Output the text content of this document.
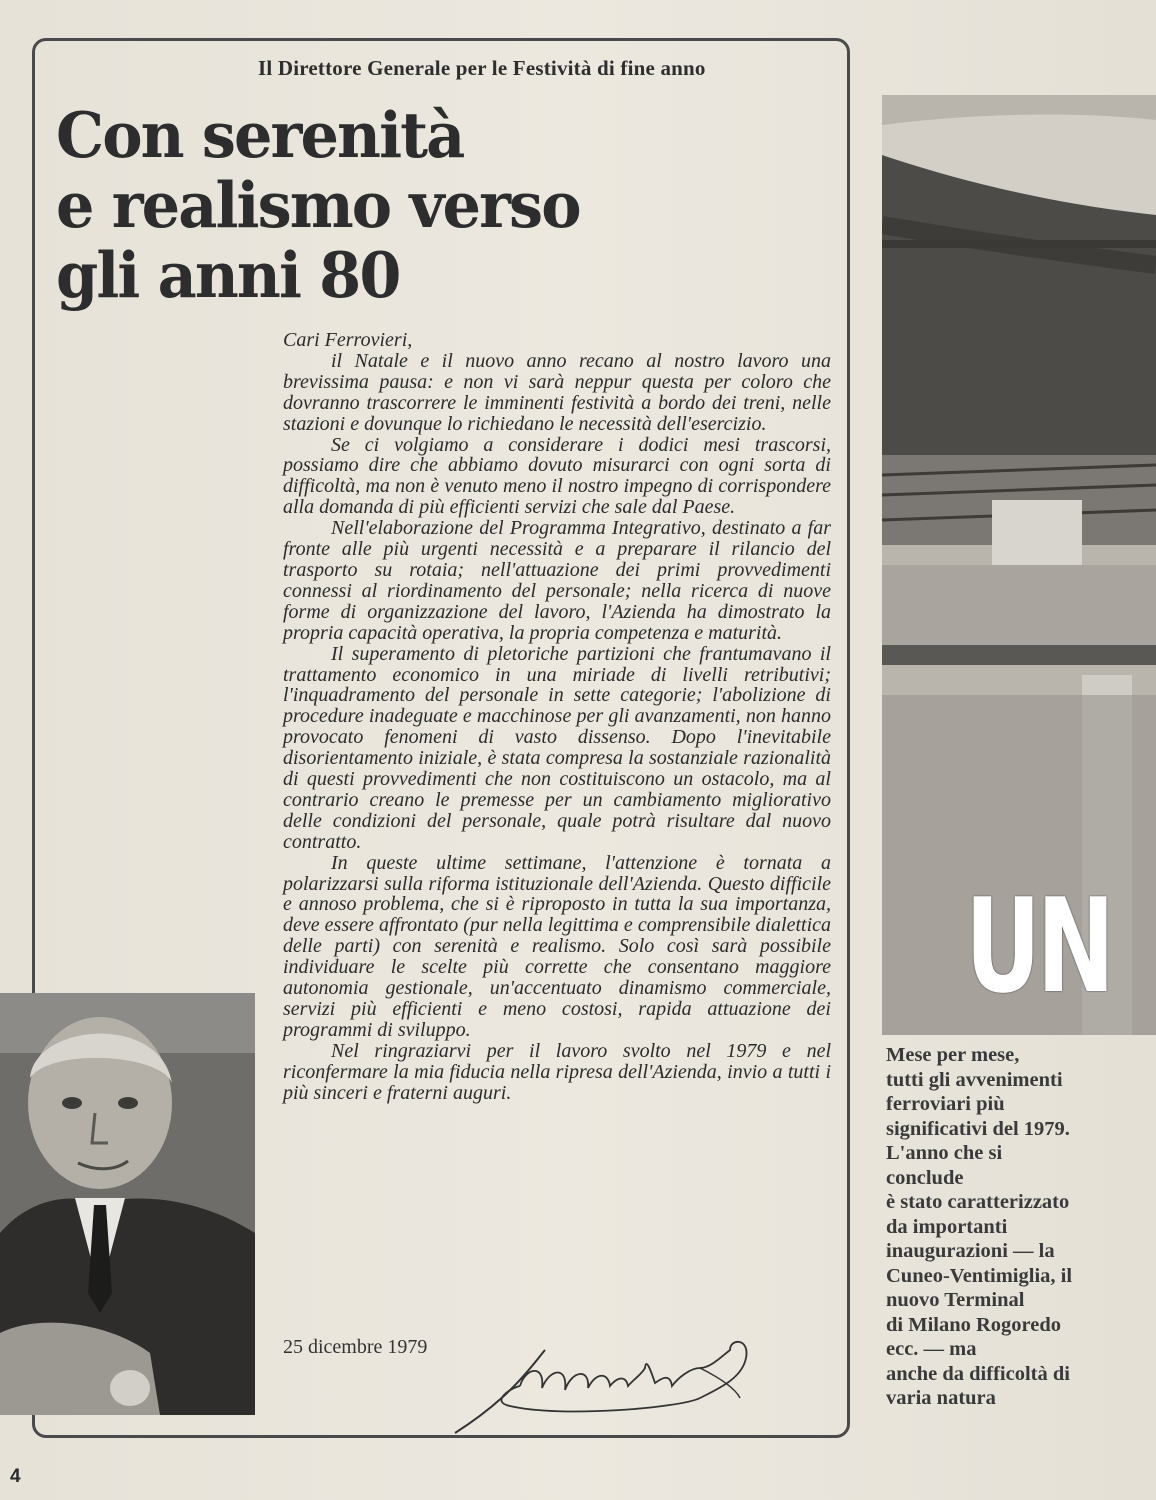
Il Direttore Generale per le Festività di fine anno
Con serenità
e realismo verso
gli anni 80

Cari Ferrovieri,

il Natale e il nuovo anno recano al nostro lavoro una brevissima pausa: e non vi sarà neppur questa per coloro che dovranno trascorrere le imminenti festività a bordo dei treni, nelle stazioni e dovunque lo richiedano le necessità dell'esercizio.

Se ci volgiamo a considerare i dodici mesi trascorsi, possiamo dire che abbiamo dovuto misurarci con ogni sorta di difficoltà, ma non è venuto meno il nostro impegno di corrispondere alla domanda di più efficienti servizi che sale dal Paese.

Nell'elaborazione del Programma Integrativo, destinato a far fronte alle più urgenti necessità e a preparare il rilancio del trasporto su rotaia; nell'attuazione dei primi provvedimenti connessi al riordinamento del personale; nella ricerca di nuove forme di organizzazione del lavoro, l'Azienda ha dimostrato la propria capacità operativa, la propria competenza e maturità.

Il superamento di pletoriche partizioni che frantumavano il trattamento economico in una miriade di livelli retributivi; l'inquadramento del personale in sette categorie; l'abolizione di procedure inadeguate e macchinose per gli avanzamenti, non hanno provocato fenomeni di vasto dissenso. Dopo l'inevitabile disorientamento iniziale, è stata compresa la sostanziale razionalità di questi provvedimenti che non costituiscono un ostacolo, ma al contrario creano le premesse per un cambiamento migliorativo delle condizioni del personale, quale potrà risultare dal nuovo contratto.

In queste ultime settimane, l'attenzione è tornata a polarizzarsi sulla riforma istituzionale dell'Azienda. Questo difficile e annoso problema, che si è riproposto in tutta la sua importanza, deve essere affrontato (pur nella legittima e comprensibile dialettica delle parti) con serenità e realismo. Solo così sarà possibile individuare le scelte più corrette che consentano maggiore autonomia gestionale, un'accentuato dinamismo commerciale, servizi più efficienti e meno costosi, rapida attuazione dei programmi di sviluppo.

Nel ringraziarvi per il lavoro svolto nel 1979 e nel riconfermare la mia fiducia nella ripresa dell'Azienda, invio a tutti i più sinceri e fraterni auguri.

25 dicembre 1979
UN
Mese per mese,
tutti gli avvenimenti
ferroviari più
significativi del 1979.
L'anno che si
conclude
è stato caratterizzato
da importanti
inaugurazioni — la
Cuneo-Ventimiglia, il
nuovo Terminal
di Milano Rogoredo
ecc. — ma
anche da difficoltà di
varia natura
4
